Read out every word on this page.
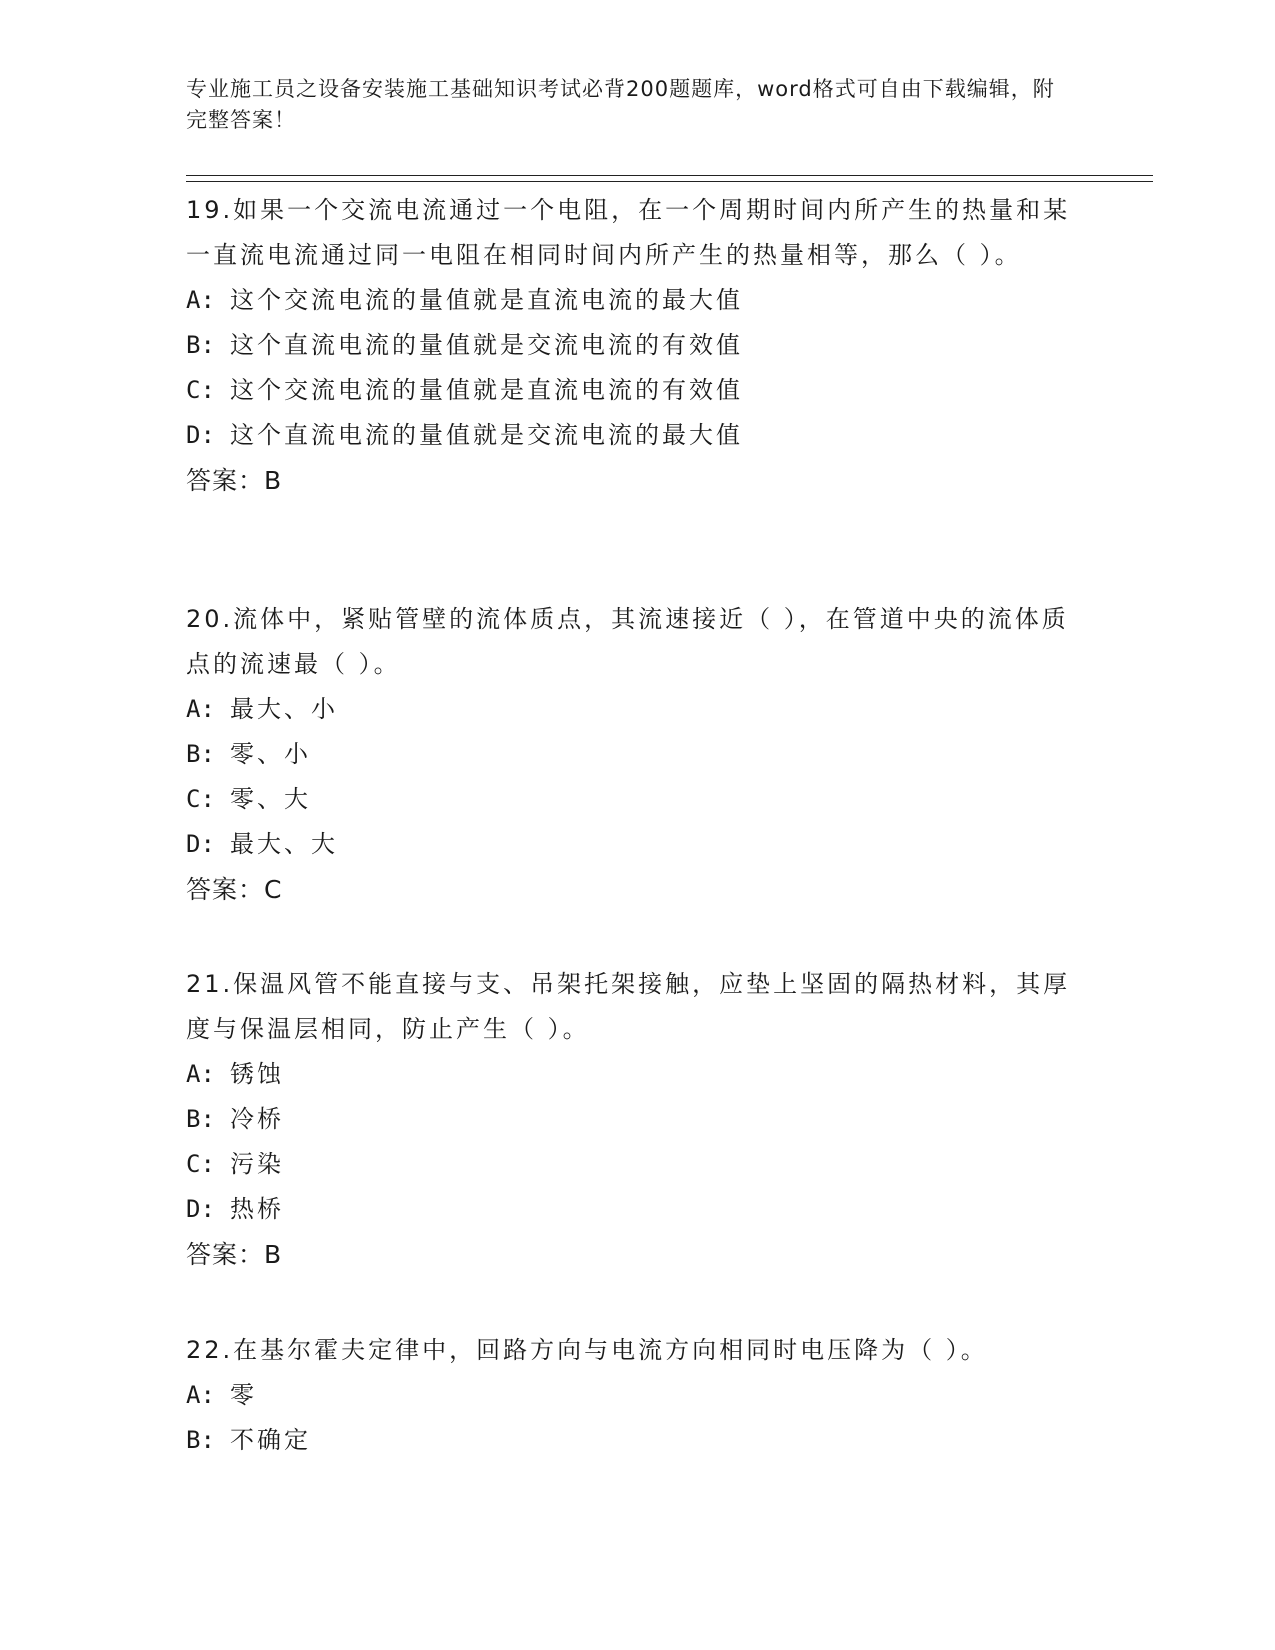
专业施工员之设备安装施工基础知识考试必背200题题库，word格式可自由下载编辑，附完整答案！
19.如果一个交流电流通过一个电阻，在一个周期时间内所产生的热量和某一直流电流通过同一电阻在相同时间内所产生的热量相等，那么（ ）。
A: 这个交流电流的量值就是直流电流的最大值
B: 这个直流电流的量值就是交流电流的有效值
C: 这个交流电流的量值就是直流电流的有效值
D: 这个直流电流的量值就是交流电流的最大值
答案：B
20.流体中，紧贴管壁的流体质点，其流速接近（ ），在管道中央的流体质点的流速最（ ）。
A: 最大、小
B: 零、小
C: 零、大
D: 最大、大
答案：C
21.保温风管不能直接与支、吊架托架接触，应垫上坚固的隔热材料，其厚度与保温层相同，防止产生（ ）。
A: 锈蚀
B: 冷桥
C: 污染
D: 热桥
答案：B
22.在基尔霍夫定律中，回路方向与电流方向相同时电压降为（ ）。
A: 零
B: 不确定
